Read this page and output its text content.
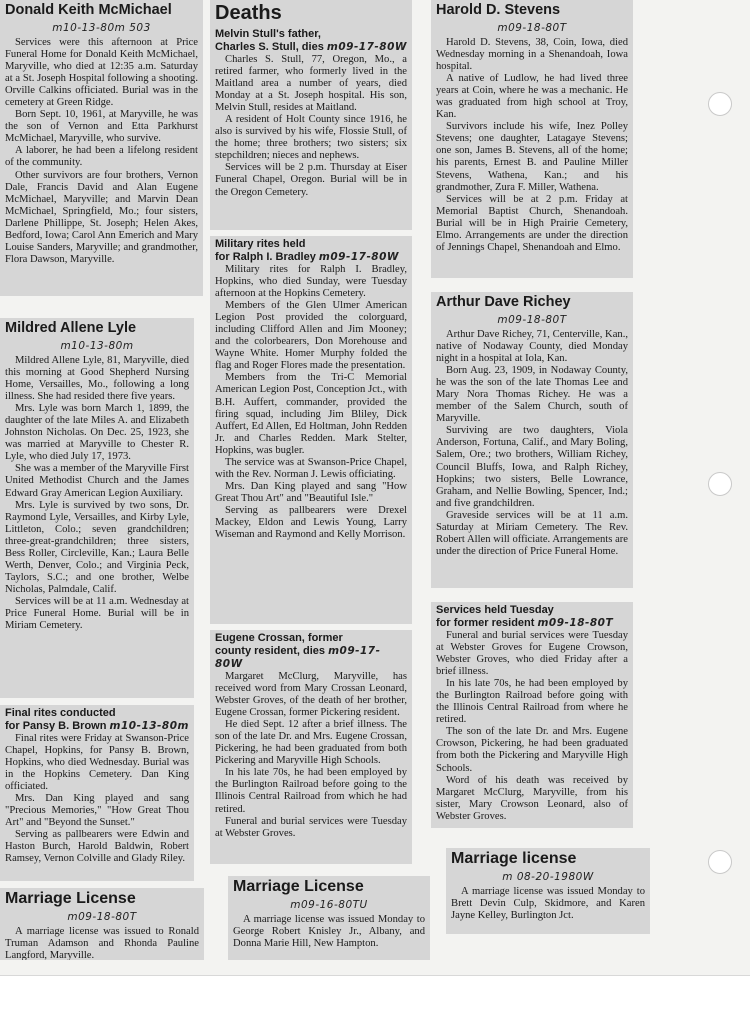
Donald Keith McMichael
m10-13-80m 503

Services were this afternoon at Price Funeral Home for Donald Keith McMichael, Maryville, who died at 12:35 a.m. Saturday at a St. Joseph Hospital following a shooting. Orville Calkins officiated. Burial was in the cemetery at Green Ridge.

Born Sept. 10, 1961, at Maryville, he was the son of Vernon and Etta Parkhurst McMichael, Maryville, who survive.

A laborer, he had been a lifelong resident of the community.

Other survivors are four brothers, Vernon Dale, Francis David and Alan Eugene McMichael, Maryville; and Marvin Dean McMichael, Springfield, Mo.; four sisters, Darlene Phillippe, St. Joseph; Helen Akes, Bedford, Iowa; Carol Ann Emerich and Mary Louise Sanders, Maryville; and grandmother, Flora Dawson, Maryville.

Mildred Allene Lyle
m10-13-80m

Mildred Allene Lyle, 81, Maryville, died this morning at Good Shepherd Nursing Home, Versailles, Mo., following a long illness. She had resided there five years.

Mrs. Lyle was born March 1, 1899, the daughter of the late Miles A. and Elizabeth Johnston Nicholas. On Dec. 25, 1923, she was married at Maryville to Chester R. Lyle, who died July 17, 1973.

She was a member of the Maryville First United Methodist Church and the James Edward Gray American Legion Auxiliary.

Mrs. Lyle is survived by two sons, Dr. Raymond Lyle, Versailles, and Kirby Lyle, Littleton, Colo.; seven grandchildren; three-great-grandchildren; three sisters, Bess Roller, Circleville, Kan.; Laura Belle Werth, Denver, Colo.; and Virginia Peck, Taylors, S.C.; and one brother, Welbe Nicholas, Palmdale, Calif.

Services will be at 11 a.m. Wednesday at Price Funeral Home. Burial will be in Miriam Cemetery.

Final rites conducted
for Pansy B. Brown m10-13-80m

Final rites were Friday at Swanson-Price Chapel, Hopkins, for Pansy B. Brown, Hopkins, who died Wednesday. Burial was in the Hopkins Cemetery. Dan King officiated.

Mrs. Dan King played and sang "Precious Memories," "How Great Thou Art" and "Beyond the Sunset."

Serving as pallbearers were Edwin and Haston Burch, Harold Baldwin, Robert Ramsey, Vernon Colville and Glady Riley.

Marriage License
m09-18-80T

A marriage license was issued to Ronald Truman Adamson and Rhonda Pauline Langford, Maryville.

Deaths
Melvin Stull's father,
Charles S. Stull, dies m09-17-80W

Charles S. Stull, 77, Oregon, Mo., a retired farmer, who formerly lived in the Maitland area a number of years, died Monday at a St. Joseph hospital. His son, Melvin Stull, resides at Maitland.

A resident of Holt County since 1916, he also is survived by his wife, Flossie Stull, of the home; three brothers; two sisters; six stepchildren; nieces and nephews.

Services will be 2 p.m. Thursday at Eiser Funeral Chapel, Oregon. Burial will be in the Oregon Cemetery.

Military rites held
for Ralph I. Bradley m09-17-80W

Military rites for Ralph I. Bradley, Hopkins, who died Sunday, were Tuesday afternoon at the Hopkins Cemetery.

Members of the Glen Ulmer American Legion Post provided the colorguard, including Clifford Allen and Jim Mooney; and the colorbearers, Don Morehouse and Wayne White. Homer Murphy folded the flag and Roger Flores made the presentation.

Members from the Tri-C Memorial American Legion Post, Conception Jct., with B.H. Auffert, commander, provided the firing squad, including Jim Bliley, Dick Auffert, Ed Allen, Ed Holtman, John Redden Jr. and Charles Redden. Mark Stelter, Hopkins, was bugler.

The service was at Swanson-Price Chapel, with the Rev. Norman J. Lewis officiating.

Mrs. Dan King played and sang "How Great Thou Art" and "Beautiful Isle."

Serving as pallbearers were Drexel Mackey, Eldon and Lewis Young, Larry Wiseman and Raymond and Kelly Morrison.

Eugene Crossan, former
county resident, dies m09-17-80W

Margaret McClurg, Maryville, has received word from Mary Crossan Leonard, Webster Groves, of the death of her brother, Eugene Crossan, former Pickering resident.

He died Sept. 12 after a brief illness. The son of the late Dr. and Mrs. Eugene Crossan, Pickering, he had been graduated from both Pickering and Maryville High Schools.

In his late 70s, he had been employed by the Burlington Railroad before going to the Illinois Central Railroad from which he had retired.

Funeral and burial services were Tuesday at Webster Groves.

Marriage License
m09-16-80TU

A marriage license was issued Monday to George Robert Knisley Jr., Albany, and Donna Marie Hill, New Hampton.

Harold D. Stevens
m09-18-80T

Harold D. Stevens, 38, Coin, Iowa, died Wednesday morning in a Shenandoah, Iowa hospital.

A native of Ludlow, he had lived three years at Coin, where he was a mechanic. He was graduated from high school at Troy, Kan.

Survivors include his wife, Inez Polley Stevens; one daughter, Latagaye Stevens; one son, James B. Stevens, all of the home; his parents, Ernest B. and Pauline Miller Stevens, Wathena, Kan.; and his grandmother, Zura F. Miller, Wathena.

Services will be at 2 p.m. Friday at Memorial Baptist Church, Shenandoah. Burial will be in High Prairie Cemetery, Elmo. Arrangements are under the direction of Jennings Chapel, Shenandoah and Elmo.

Arthur Dave Richey
m09-18-80T

Arthur Dave Richey, 71, Centerville, Kan., native of Nodaway County, died Monday night in a hospital at Iola, Kan.

Born Aug. 23, 1909, in Nodaway County, he was the son of the late Thomas Lee and Mary Nora Thomas Richey. He was a member of the Salem Church, south of Maryville.

Surviving are two daughters, Viola Anderson, Fortuna, Calif., and Mary Boling, Salem, Ore.; two brothers, William Richey, Council Bluffs, Iowa, and Ralph Richey, Hopkins; two sisters, Belle Lowrance, Graham, and Nellie Bowling, Spencer, Ind.; and five grandchildren.

Graveside services will be at 11 a.m. Saturday at Miriam Cemetery. The Rev. Robert Allen will officiate. Arrangements are under the direction of Price Funeral Home.

Services held Tuesday
for former resident m09-18-80T

Funeral and burial services were Tuesday at Webster Groves for Eugene Crowson, Webster Groves, who died Friday after a brief illness.

In his late 70s, he had been employed by the Burlington Railroad before going with the Illinois Central Railroad from where he retired.

The son of the late Dr. and Mrs. Eugene Crowson, Pickering, he had been graduated from both the Pickering and Maryville High Schools.

Word of his death was received by Margaret McClurg, Maryville, from his sister, Mary Crowson Leonard, also of Webster Groves.

Marriage license
m 08-20-1980W

A marriage license was issued Monday to Brett Devin Culp, Skidmore, and Karen Jayne Kelley, Burlington Jct.
